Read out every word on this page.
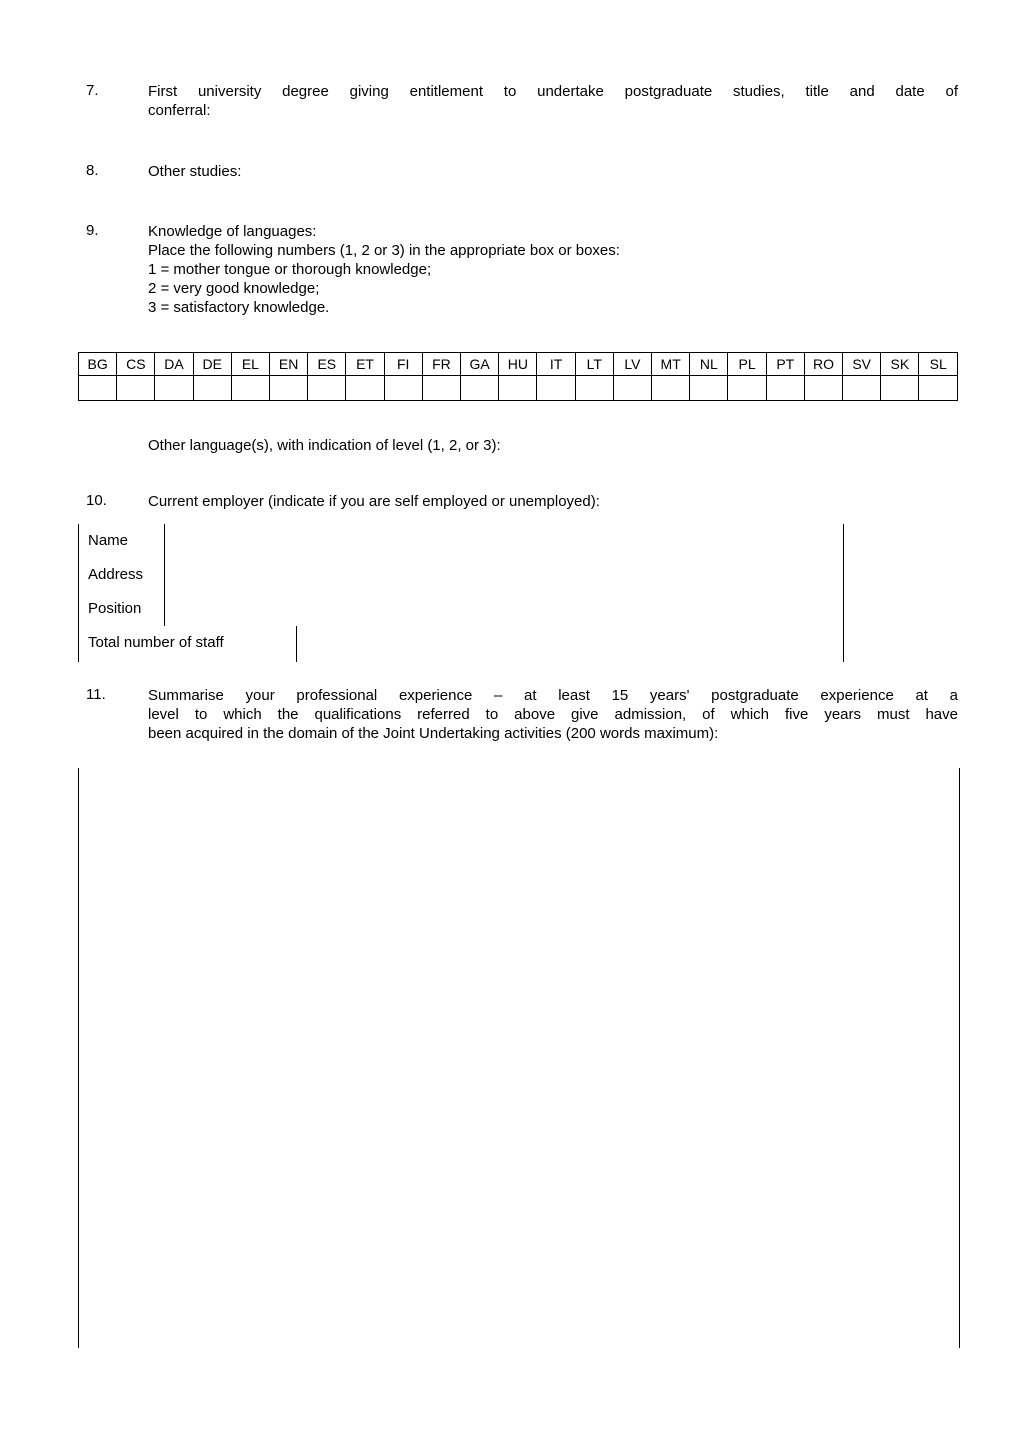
7.	First university degree giving entitlement to undertake postgraduate studies, title and date of
conferral:
8.	Other studies:
9.	Knowledge of languages:
Place the following numbers (1, 2 or 3) in the appropriate box or boxes:
1 = mother tongue or thorough knowledge;
2 = very good knowledge;
3 = satisfactory knowledge.
BG	CS	DA	DE	EL	EN	ES	ET	FI	FR	GA	HU	IT	LT	LV	MT	NL	PL	PT	RO	SV	SK	SL

Other language(s), with indication of level (1, 2, or 3):
10.	Current employer (indicate if you are self employed or unemployed):
Name
Address
Position
Total number of staff
11.	Summarise your professional experience – at least 15 years' postgraduate experience at a
level to which the qualifications referred to above give admission, of which five years must have
been acquired in the domain of the Joint Undertaking activities (200 words maximum):
